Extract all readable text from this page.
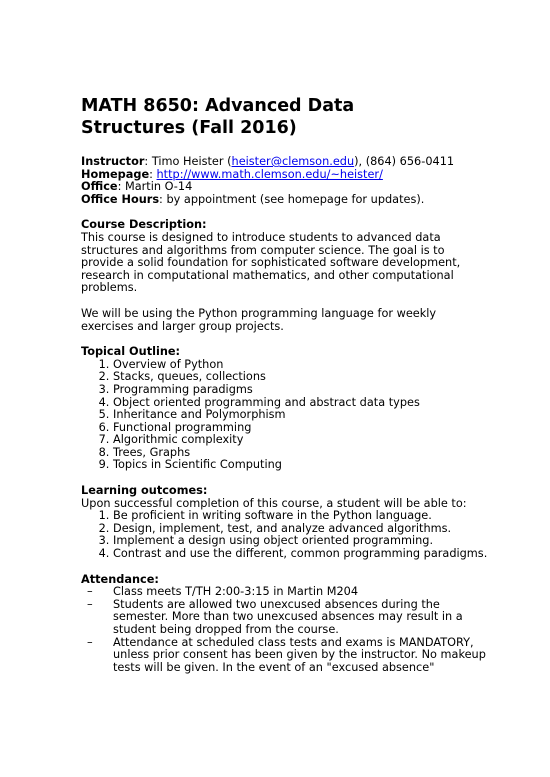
MATH 8650: Advanced Data Structures (Fall 2016)

Instructor: Timo Heister (heister@clemson.edu), (864) 656-0411

Homepage: http://www.math.clemson.edu/~heister/

Office: Martin O-14

Office Hours: by appointment (see homepage for updates).

Course Description:

This course is designed to introduce students to advanced data structures and algorithms from computer science. The goal is to provide a solid foundation for sophisticated software development, research in computational mathematics, and other computational problems.

We will be using the Python programming language for weekly exercises and larger group projects.

Topical Outline:

1. Overview of Python
2. Stacks, queues, collections
3. Programming paradigms
4. Object oriented programming and abstract data types
5. Inheritance and Polymorphism
6. Functional programming
7. Algorithmic complexity
8. Trees, Graphs
9. Topics in Scientific Computing

Learning outcomes:

Upon successful completion of this course, a student will be able to:

1. Be proficient in writing software in the Python language.
2. Design, implement, test, and analyze advanced algorithms.
3. Implement a design using object oriented programming.
4. Contrast and use the different, common programming paradigms.

Attendance:

– Class meets T/TH 2:00-3:15 in Martin M204
– Students are allowed two unexcused absences during the semester. More than two unexcused absences may result in a student being dropped from the course.
– Attendance at scheduled class tests and exams is MANDATORY, unless prior consent has been given by the instructor. No makeup tests will be given. In the event of an "excused absence"
